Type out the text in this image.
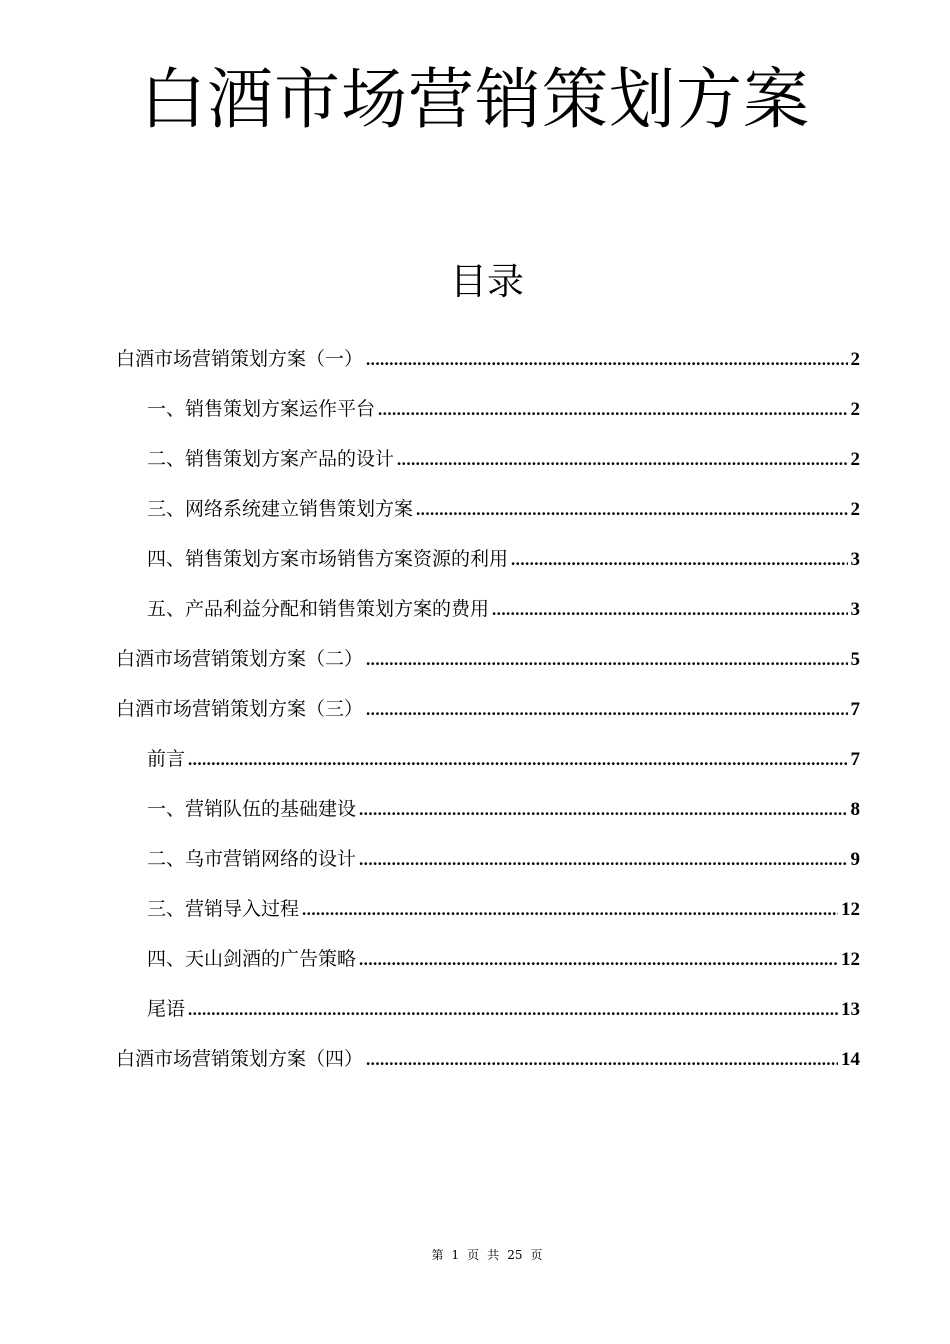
白酒市场营销策划方案
目录
白酒市场营销策划方案（一） .....	2
一、销售策划方案运作平台 .....	2
二、销售策划方案产品的设计 .....	2
三、网络系统建立销售策划方案 .....	2
四、销售策划方案市场销售方案资源的利用 .....	3
五、产品利益分配和销售策划方案的费用 .....	3
白酒市场营销策划方案（二） .....	5
白酒市场营销策划方案（三） .....	7
前言 .....	7
一、营销队伍的基础建设 .....	8
二、乌市营销网络的设计 .....	9
三、营销导入过程 .....	12
四、天山剑酒的广告策略 .....	12
尾语 .....	13
白酒市场营销策划方案（四） .....	14
第 1 页 共 25 页
